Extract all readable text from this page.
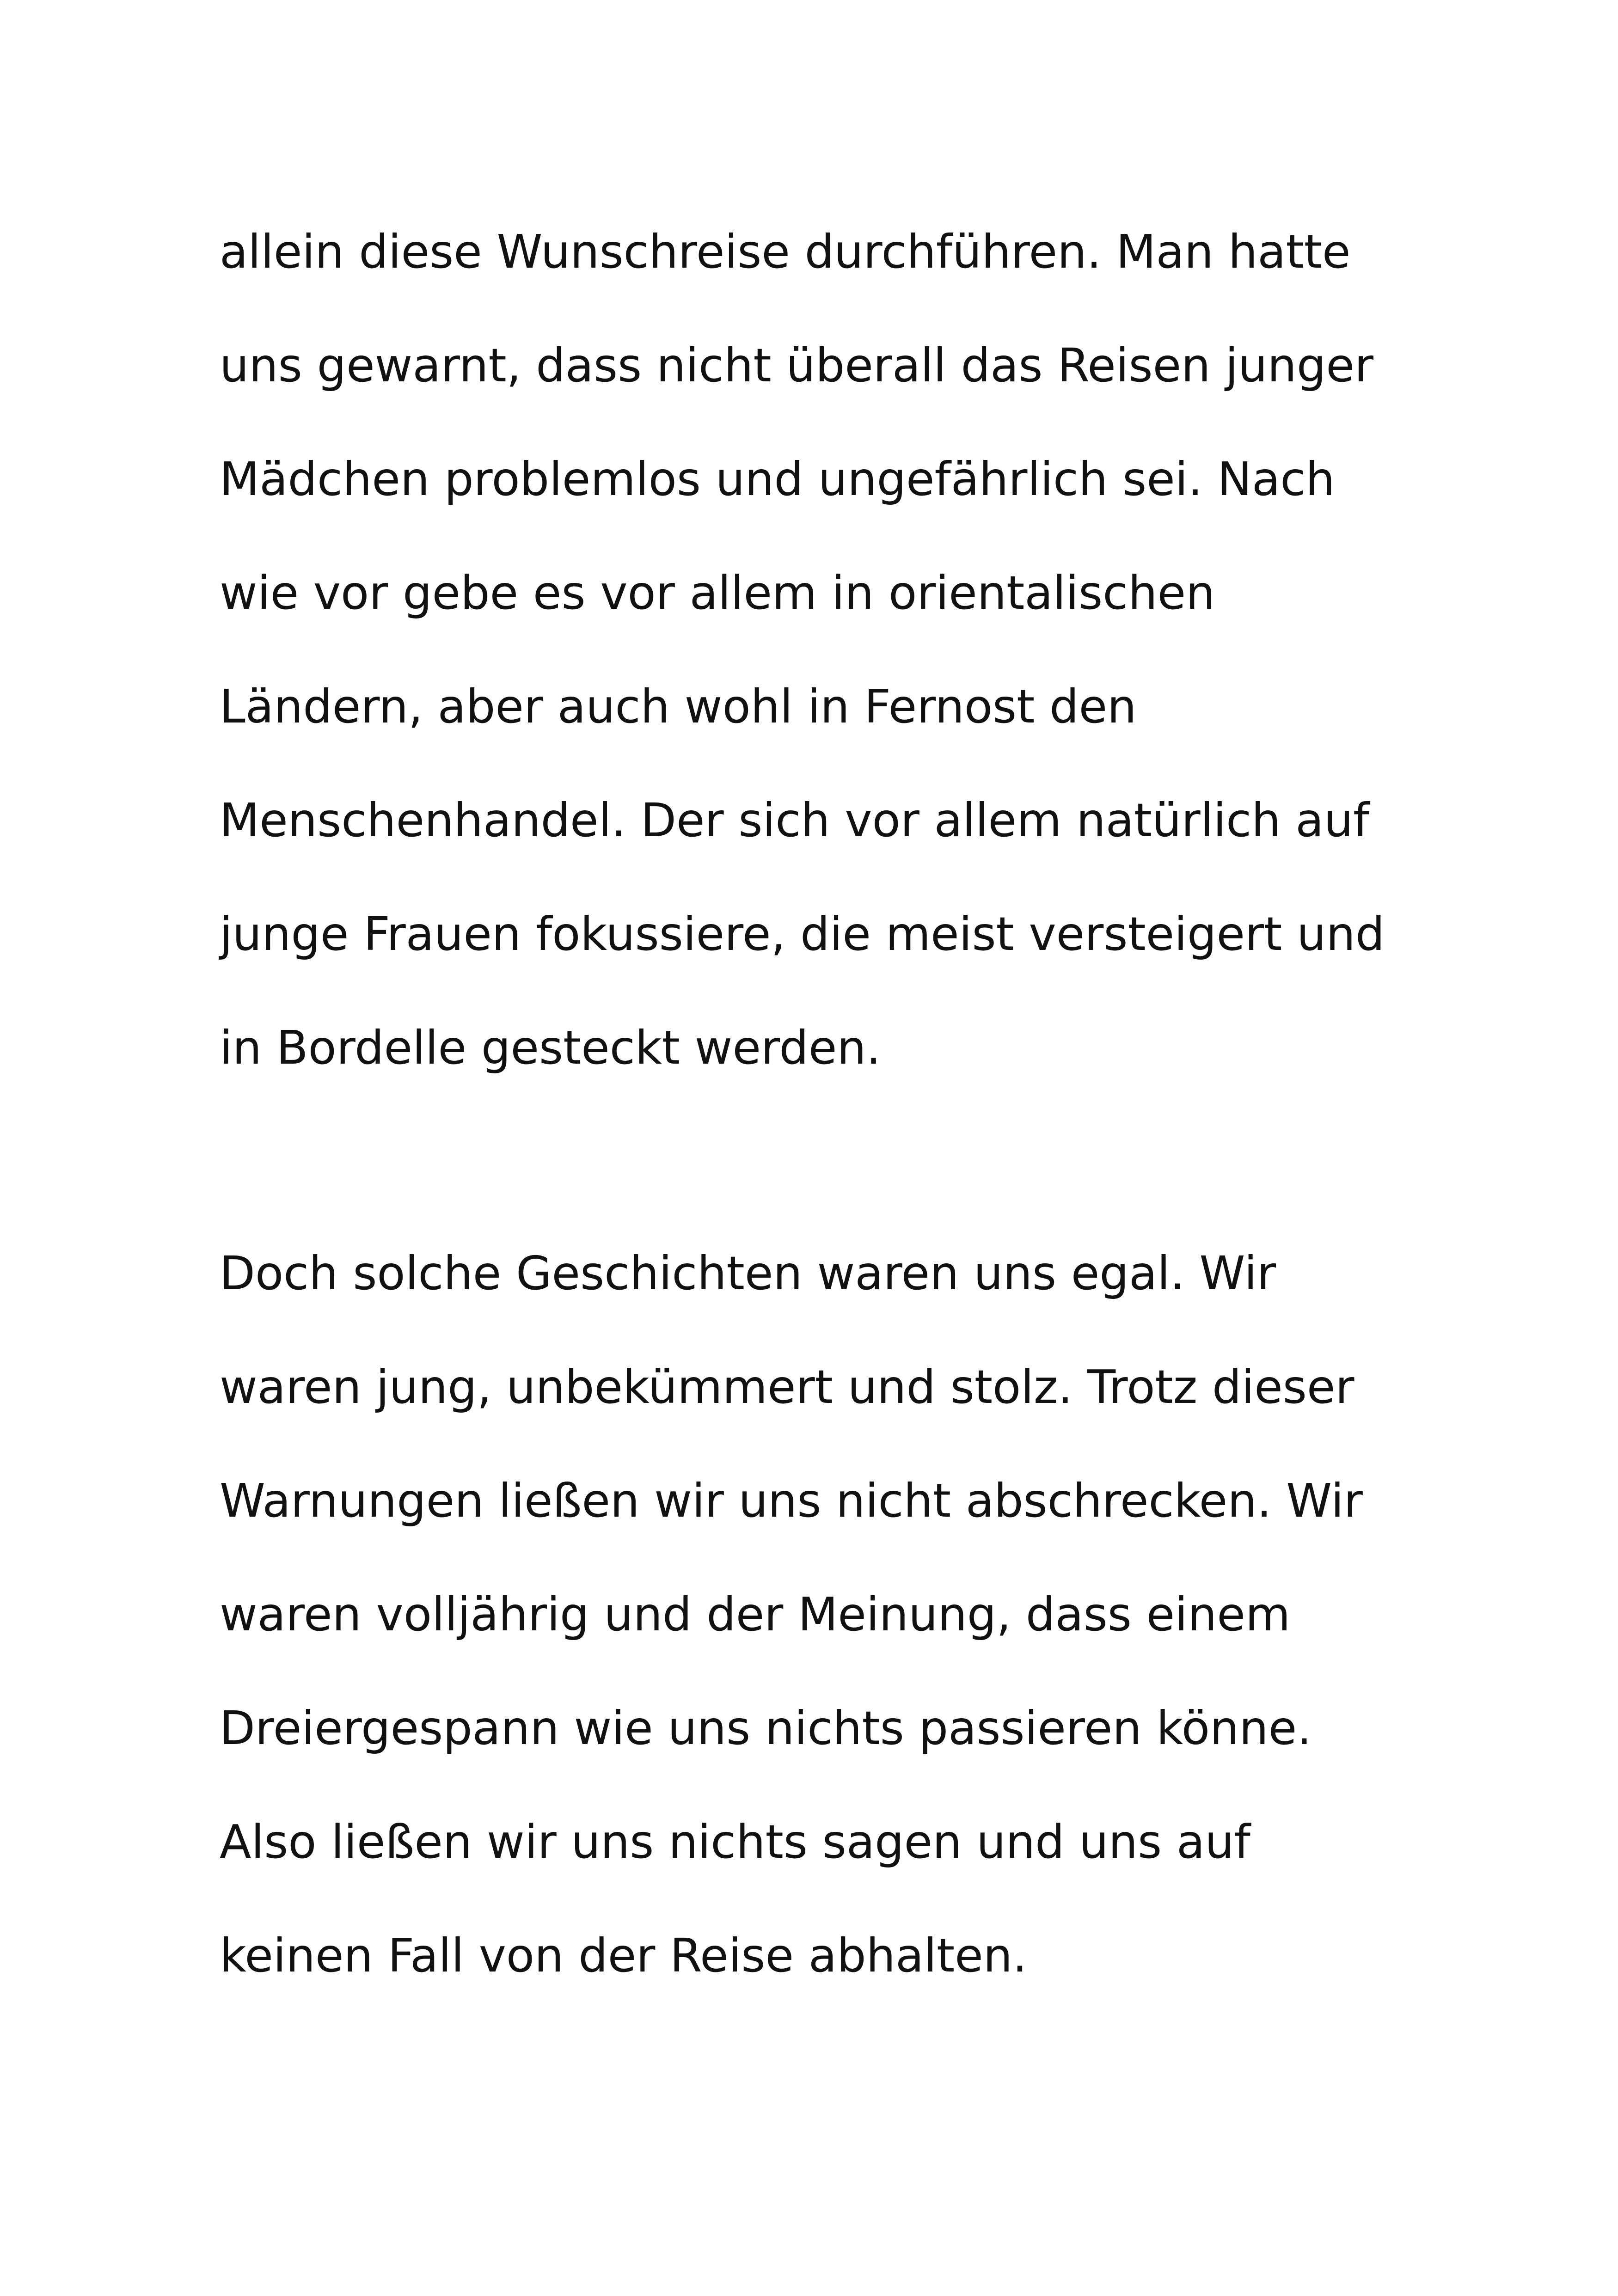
allein diese Wunschreise durchführen. Man hatte
uns gewarnt, dass nicht überall das Reisen junger
Mädchen problemlos und ungefährlich sei. Nach
wie vor gebe es vor allem in orientalischen
Ländern, aber auch wohl in Fernost den
Menschenhandel. Der sich vor allem natürlich auf
junge Frauen fokussiere, die meist versteigert und
in Bordelle gesteckt werden.
Doch solche Geschichten waren uns egal. Wir
waren jung, unbekümmert und stolz. Trotz dieser
Warnungen ließen wir uns nicht abschrecken. Wir
waren volljährig und der Meinung, dass einem
Dreiergespann wie uns nichts passieren könne.
Also ließen wir uns nichts sagen und uns auf
keinen Fall von der Reise abhalten.
